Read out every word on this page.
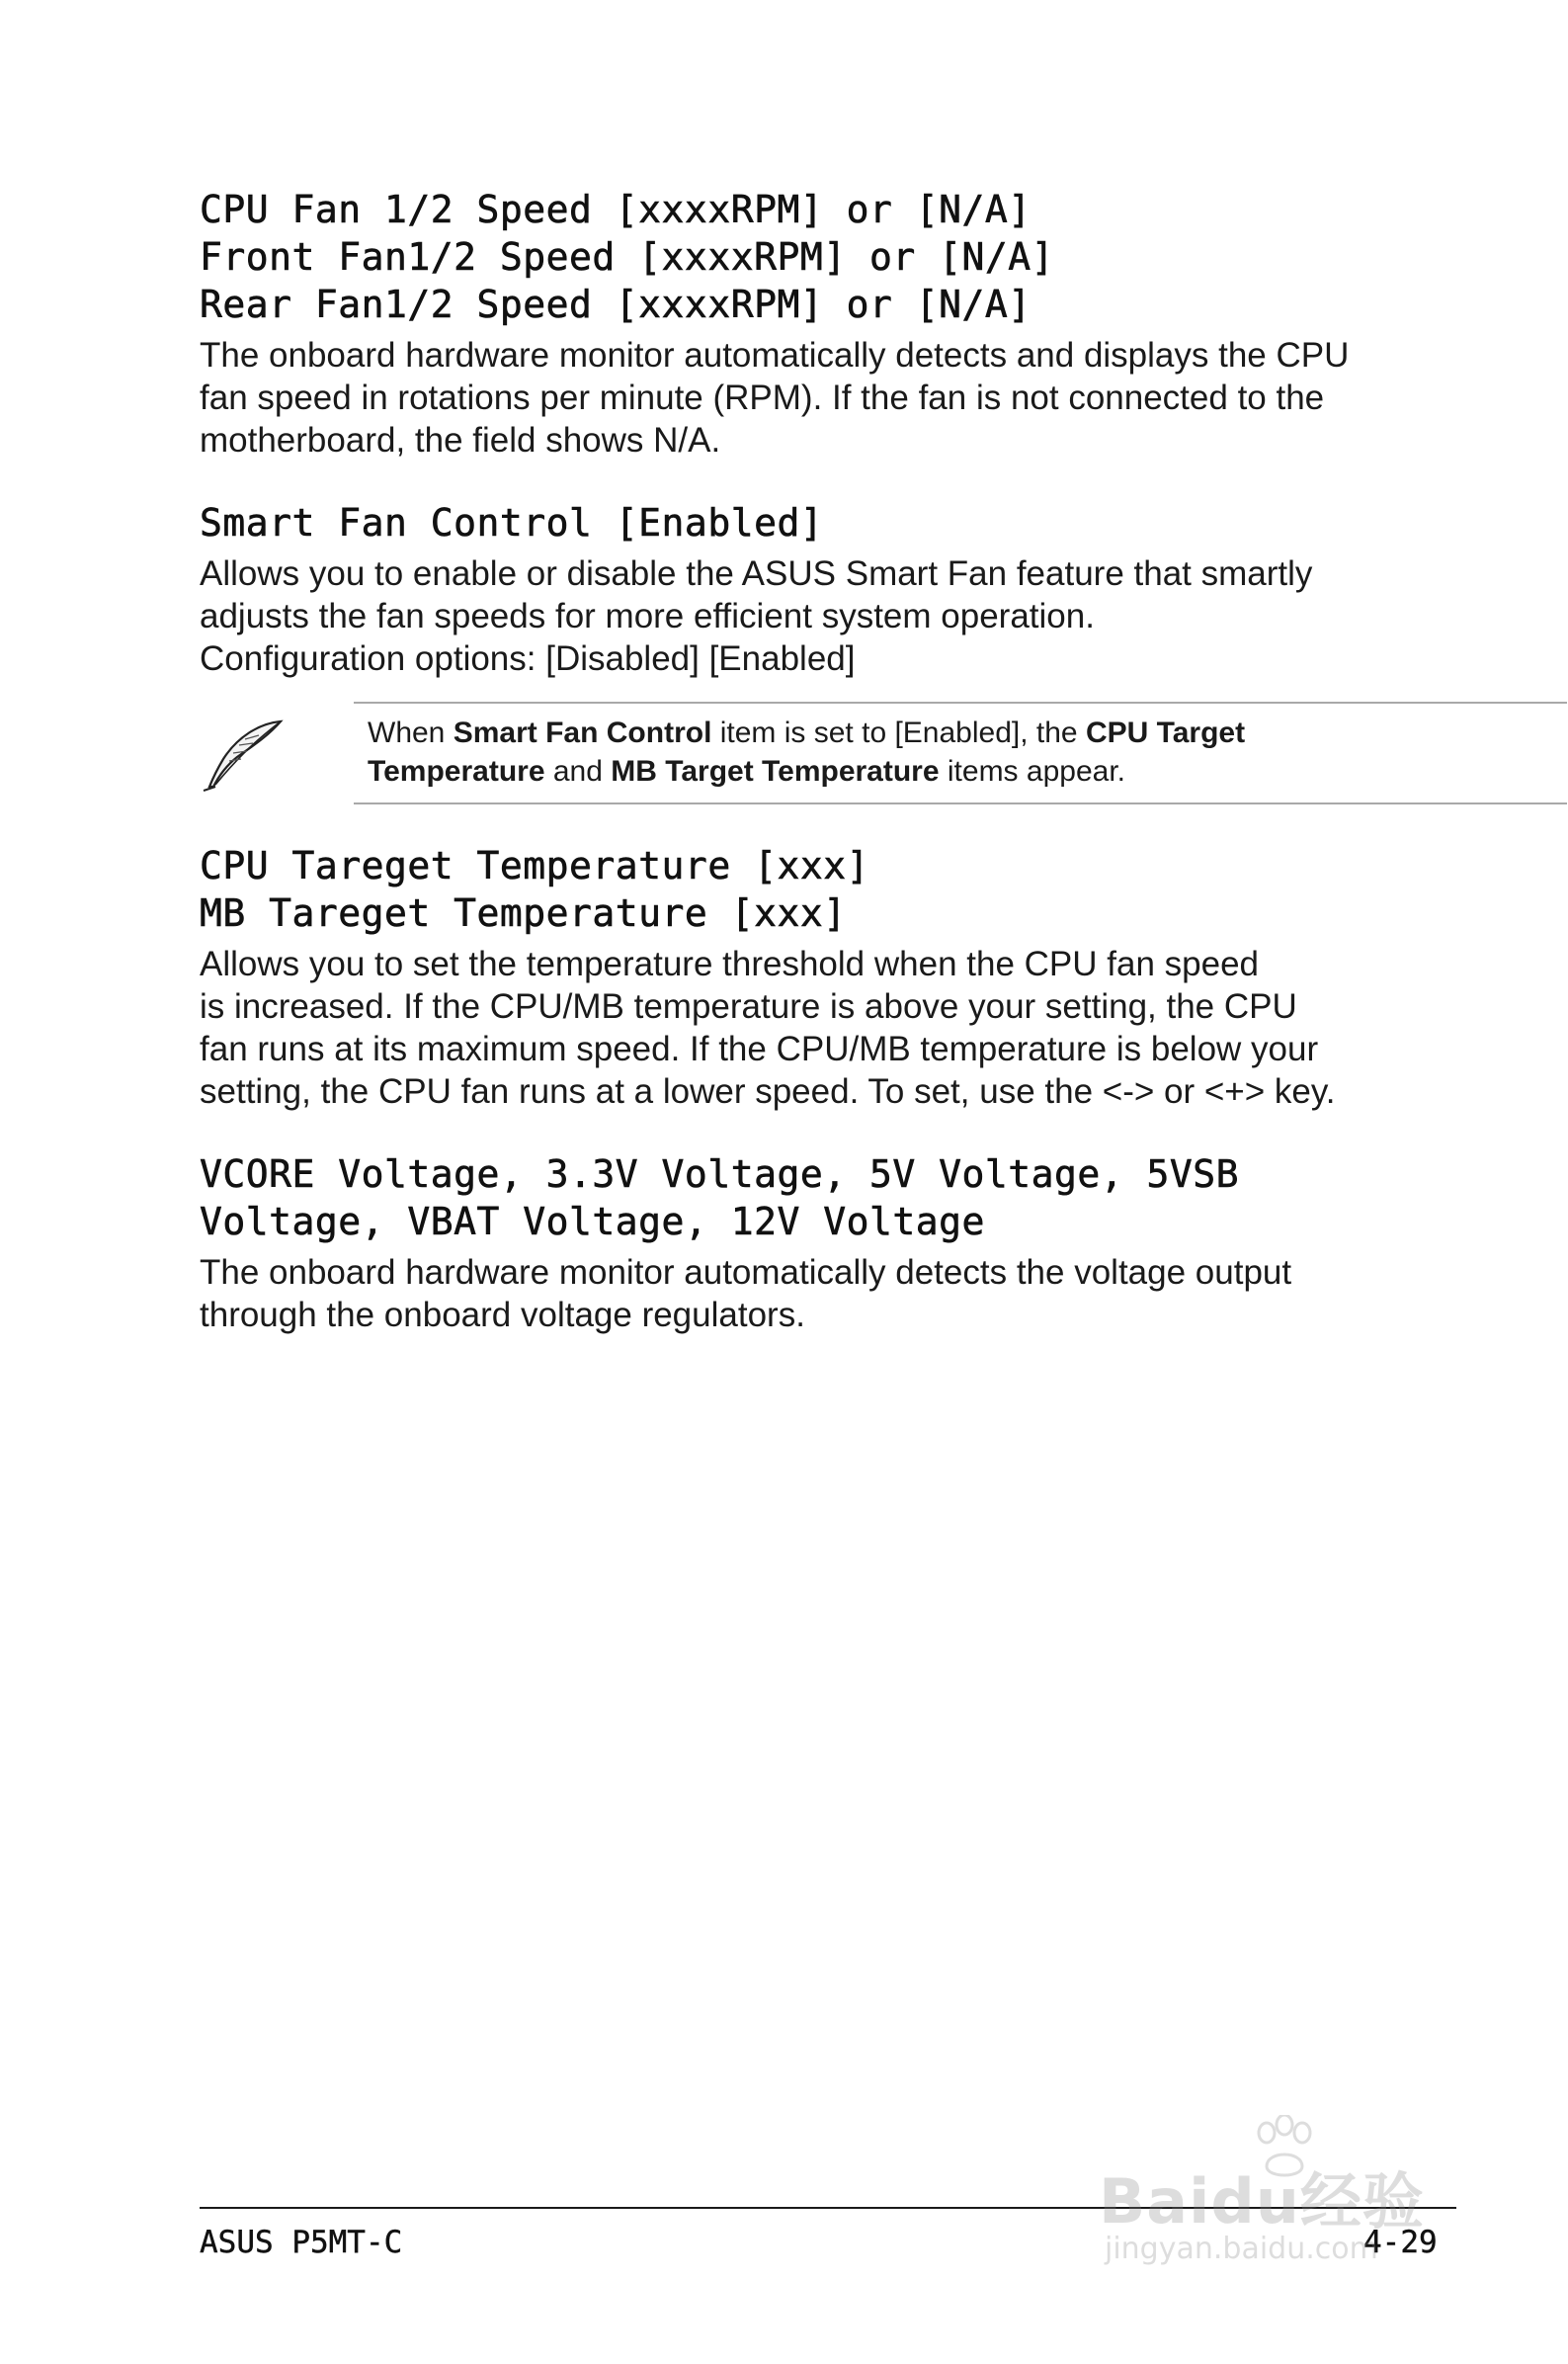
CPU Fan 1/2 Speed [xxxxRPM] or [N/A]
Front Fan1/2 Speed [xxxxRPM] or [N/A]
Rear Fan1/2 Speed [xxxxRPM] or [N/A]

The onboard hardware monitor automatically detects and displays the CPU
fan speed in rotations per minute (RPM). If the fan is not connected to the
motherboard, the field shows N/A.

Smart Fan Control [Enabled]

Allows you to enable or disable the ASUS Smart Fan feature that smartly
adjusts the fan speeds for more efficient system operation.
Configuration options: [Disabled] [Enabled]

When Smart Fan Control item is set to [Enabled], the CPU Target
Temperature and MB Target Temperature items appear.
CPU Tareget Temperature [xxx]
MB Tareget Temperature [xxx]

Allows you to set the temperature threshold when the CPU fan speed
is increased. If the CPU/MB temperature is above your setting, the CPU
fan runs at its maximum speed. If the CPU/MB temperature is below your
setting, the CPU fan runs at a lower speed. To set, use the <-> or <+> key.

VCORE Voltage, 3.3V Voltage, 5V Voltage, 5VSB
Voltage, VBAT Voltage, 12V Voltage

The onboard hardware monitor automatically detects the voltage output
through the onboard voltage regulators.

ASUS P5MT-C	4-29
Baidu经验
jingyan.baidu.com
